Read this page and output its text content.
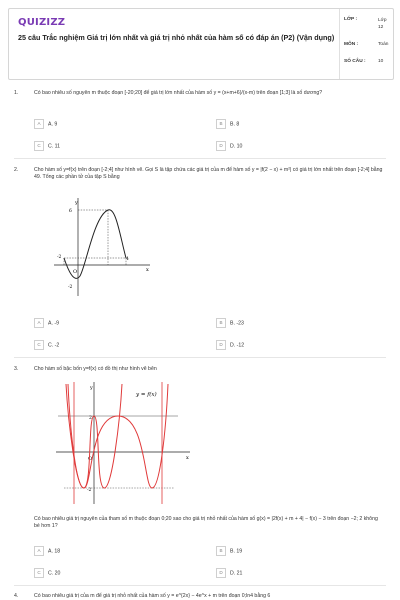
QUIZIZZ
25 câu Trắc nghiệm Giá trị lớn nhất và giá trị nhỏ nhất của hàm số có đáp án (P2) (Vận dụng)
LỚP :	Lớp 12
MÔN :	Toán
SỐ CÂU :	10
1.	Có bao nhiêu số nguyên m thuộc đoạn [-20;20] để giá trị lớn nhất của hàm số y = (x+m+6)/(x-m) trên đoạn [1;3] là số dương?
A A. 9	B B. 8
C C. 11	D D. 10
2.	Cho hàm số y=f(x) trên đoạn [-2;4] như hình vẽ. Gọi S là tập chứa các giá trị của m để hàm số y = |f(2 − x) + m²| có giá trị lớn nhất trên đoạn [-2;4] bằng 49. Tổng các phần tử của tập S bằng
y
x
O
6
-2	4
-2
A A. -9	B B. -23
C C. -2	D D. -12
3.	Cho hàm số bậc bốn y=f(x) có đồ thị như hình vẽ bên
y
x
O
2
-2
y = f(x)
Có bao nhiêu giá trị nguyên của tham số m thuộc đoạn 0;20 sao cho giá trị nhỏ nhất của hàm số g(x) = |2f(x) + m + 4| − f(x) − 3 trên đoạn −2; 2 không bé hơn 1?
A A. 18	B B. 19
C C. 20	D D. 21
4.	Có bao nhiêu giá trị của m để giá trị nhỏ nhất của hàm số y = e^{2x} − 4e^x + m trên đoạn 0;ln4 bằng 6
